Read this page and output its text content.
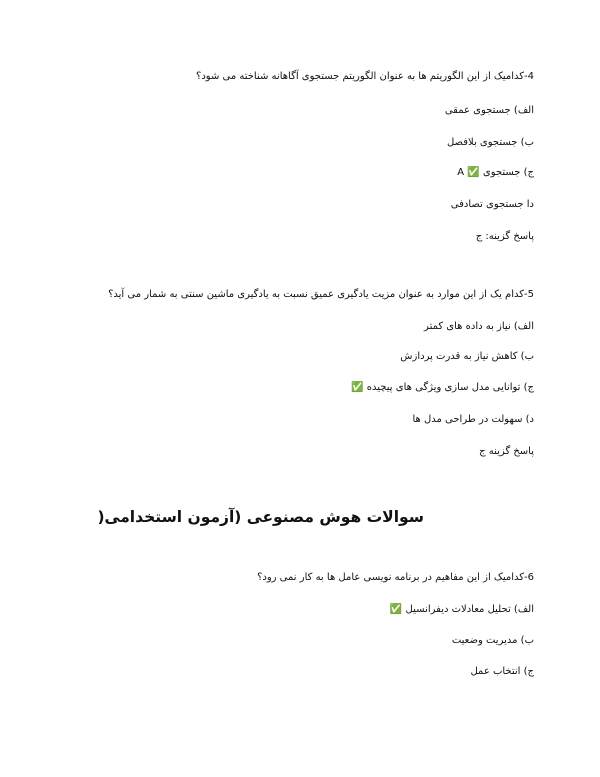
4-کدامیک از این الگوریتم ها به عنوان الگوریتم جستجوی آگاهانه شناخته می شود؟
الف) جستجوی عمقی
ب) جستجوی بلافصل
ج) جستجوی ✅ A
دا جستجوی تصادفی
پاسخ گزینه: ج
5-کدام یک از این موارد به عنوان مزیت یادگیری عمیق نسبت به یادگیری ماشین سنتی به شمار می آید؟
الف) نیاز به داده های کمتر
ب) کاهش نیاز به قدرت پردازش
ج) توانایی مدل سازی ویژگی های پیچیده ✅
د) سهولت در طراحی مدل ها
پاسخ گزینه ج
سوالات هوش مصنوعی (آزمون استخدامی(
6-کدامیک از این مفاهیم در برنامه نویسی عامل ها به کار نمی رود؟
الف) تحلیل معادلات دیفرانسیل ✅
ب) مدیریت وضعیت
ج) انتخاب عمل
